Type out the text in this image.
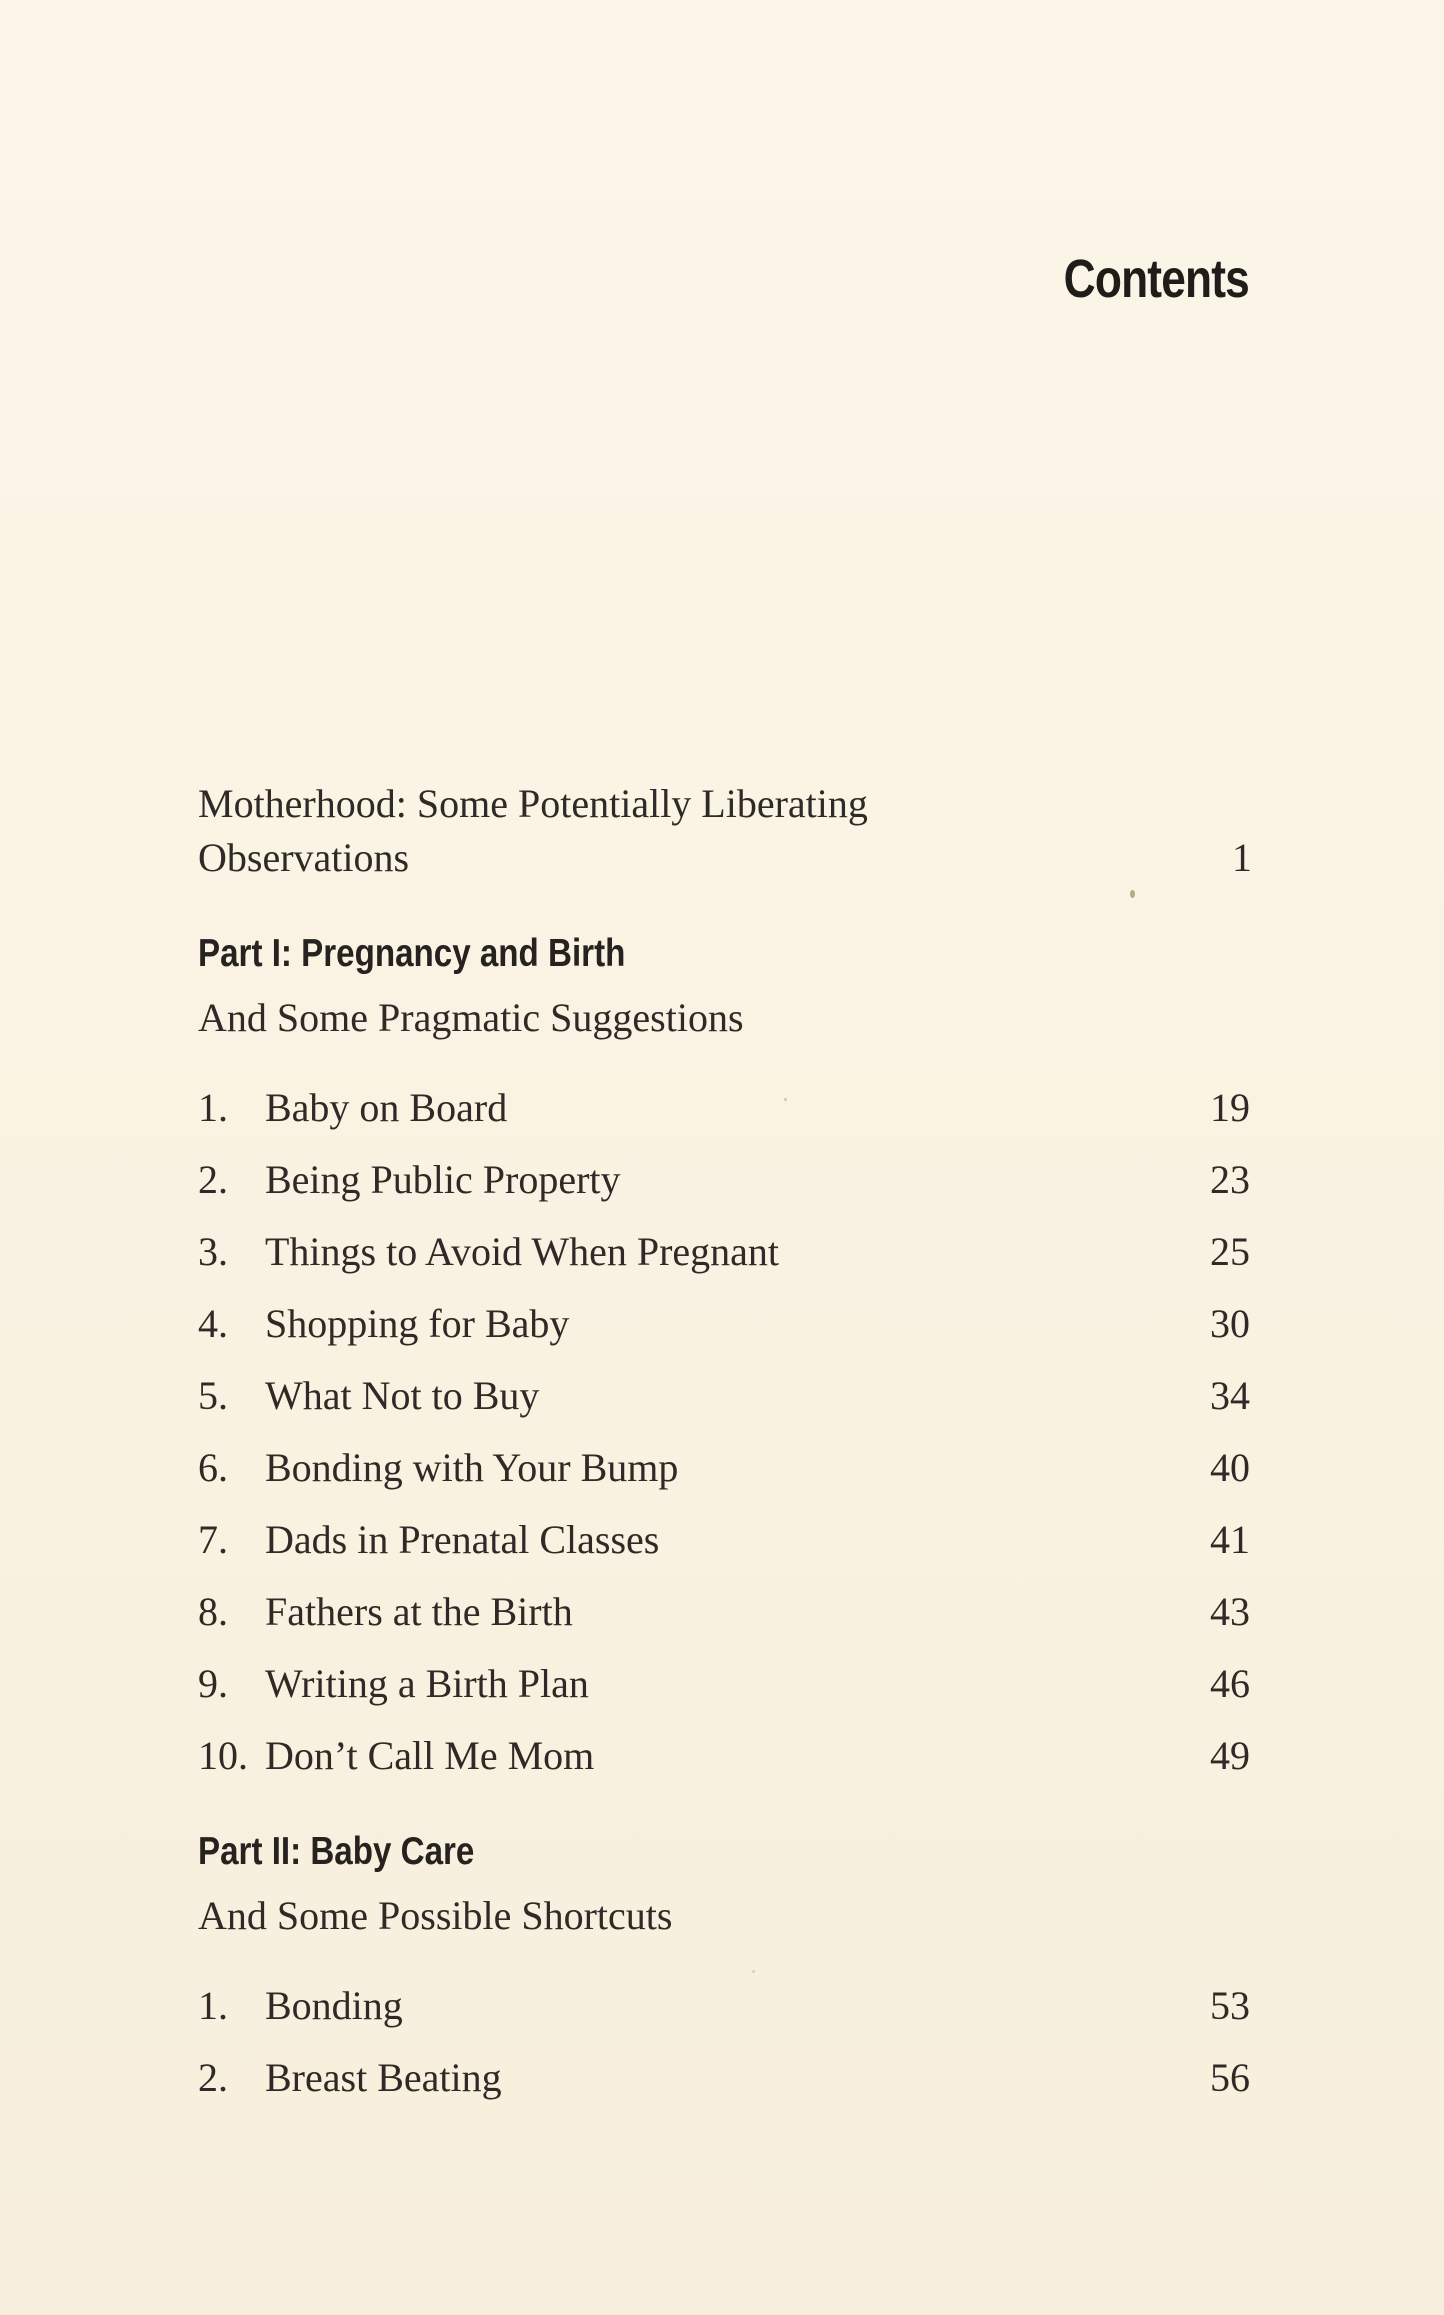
Contents
Motherhood: Some Potentially Liberating
Observations	1
Part I: Pregnancy and Birth
And Some Pragmatic Suggestions
1. Baby on Board	19
2. Being Public Property	23
3. Things to Avoid When Pregnant	25
4. Shopping for Baby	30
5. What Not to Buy	34
6. Bonding with Your Bump	40
7. Dads in Prenatal Classes	41
8. Fathers at the Birth	43
9. Writing a Birth Plan	46
10. Don’t Call Me Mom	49
Part II: Baby Care
And Some Possible Shortcuts
1. Bonding	53
2. Breast Beating	56
